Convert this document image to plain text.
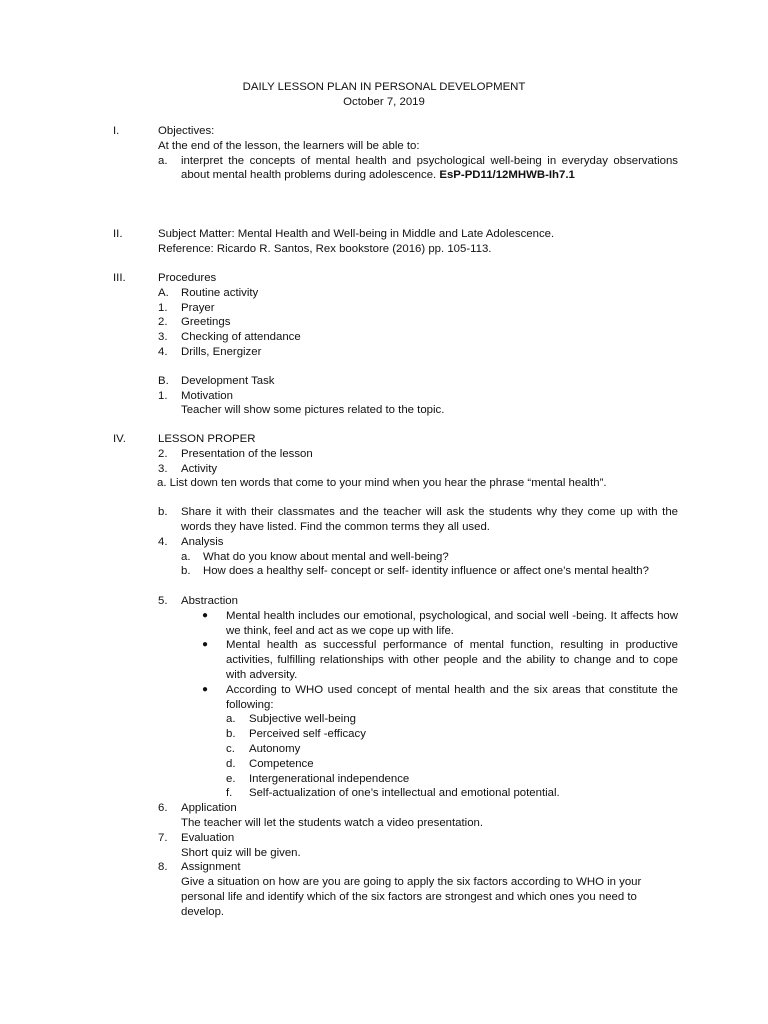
DAILY LESSON PLAN IN PERSONAL DEVELOPMENT
October 7, 2019
I.	Objectives:
At the end of the lesson, the learners will be able to:
a. interpret the concepts of mental health and psychological well-being in everyday observations about mental health problems during adolescence. EsP-PD11/12MHWB-Ih7.1
II.	Subject Matter: Mental Health and Well-being in Middle and Late Adolescence.
Reference: Ricardo R. Santos, Rex bookstore (2016) pp. 105-113.
III.	Procedures
A. Routine activity
1. Prayer
2. Greetings
3. Checking of attendance
4. Drills, Energizer
B. Development Task
1. Motivation
Teacher will show some pictures related to the topic.
IV.	LESSON PROPER
2. Presentation of the lesson
3. Activity
a. List down ten words that come to your mind when you hear the phrase “mental health”.
b. Share it with their classmates and the teacher will ask the students why they come up with the words they have listed. Find the common terms they all used.
4. Analysis
a. What do you know about mental and well-being?
b. How does a healthy self- concept or self- identity influence or affect one’s mental health?
5. Abstraction
● Mental health includes our emotional, psychological, and social well -being. It affects how we think, feel and act as we cope up with life.
● Mental health as successful performance of mental function, resulting in productive activities, fulfilling relationships with other people and the ability to change and to cope with adversity.
● According to WHO used concept of mental health and the six areas that constitute the following:
a. Subjective well-being
b. Perceived self -efficacy
c. Autonomy
d. Competence
e. Intergenerational independence
f. Self-actualization of one’s intellectual and emotional potential.
6. Application
The teacher will let the students watch a video presentation.
7. Evaluation
Short quiz will be given.
8. Assignment
Give a situation on how are you are going to apply the six factors according to WHO in your personal life and identify which of the six factors are strongest and which ones you need to develop.
